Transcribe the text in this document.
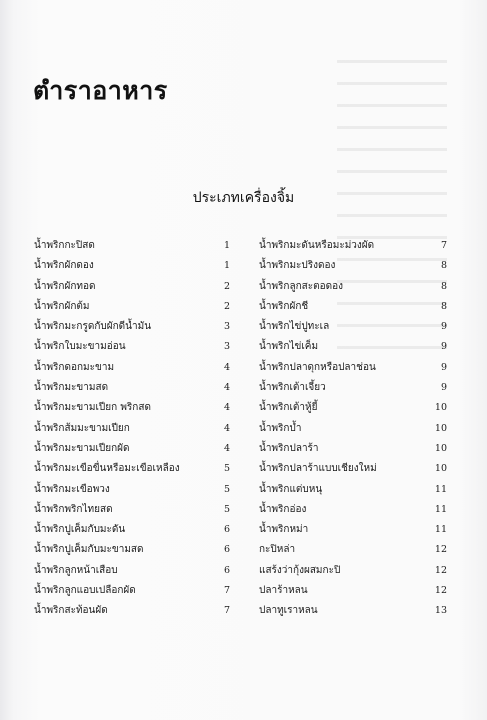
ตำราอาหาร
ประเภทเครื่องจิ้ม
น้ำพริกกะปิสด	1
น้ำพริกผักดอง	1
น้ำพริกผักทอด	2
น้ำพริกผักต้ม	2
น้ำพริกมะกรูดกับผักดีน้ำมัน	3
น้ำพริกใบมะขามอ่อน	3
น้ำพริกดอกมะขาม	4
น้ำพริกมะขามสด	4
น้ำพริกมะขามเปียก พริกสด	4
น้ำพริกส้มมะขามเปียก	4
น้ำพริกมะขามเปียกผัด	4
น้ำพริกมะเขือขื่นหรือมะเขือเหลือง	5
น้ำพริกมะเขือพวง	5
น้ำพริกพริกไทยสด	5
น้ำพริกปูเค็มกับมะดัน	6
น้ำพริกปูเค็มกับมะขามสด	6
น้ำพริกลูกหน้าเสือบ	6
น้ำพริกลูกแอบเปลือกผัด	7
น้ำพริกสะท้อนผัด	7
น้ำพริกมะดันหรือมะม่วงผัด	7
น้ำพริกมะปริงดอง	8
น้ำพริกลูกสะตอดอง	8
น้ำพริกผักชี	8
น้ำพริกไข่ปูทะเล	9
น้ำพริกไข่เค็ม	9
น้ำพริกปลาดุกหรือปลาช่อน	9
น้ำพริกเต้าเจี้ยว	9
น้ำพริกเต้าหู้ยี้	10
น้ำพริกบ้ำ	10
น้ำพริกปลาร้า	10
น้ำพริกปลาร้าแบบเชียงใหม่	10
น้ำพริกแต่บหนุ	11
น้ำพริกอ่อง	11
น้ำพริกหม่า	11
กะปิหล่า	12
แสร้งว่ากุ้งผสมกะปิ	12
ปลาร้าหลน	12
ปลาทูเราหลน	13
